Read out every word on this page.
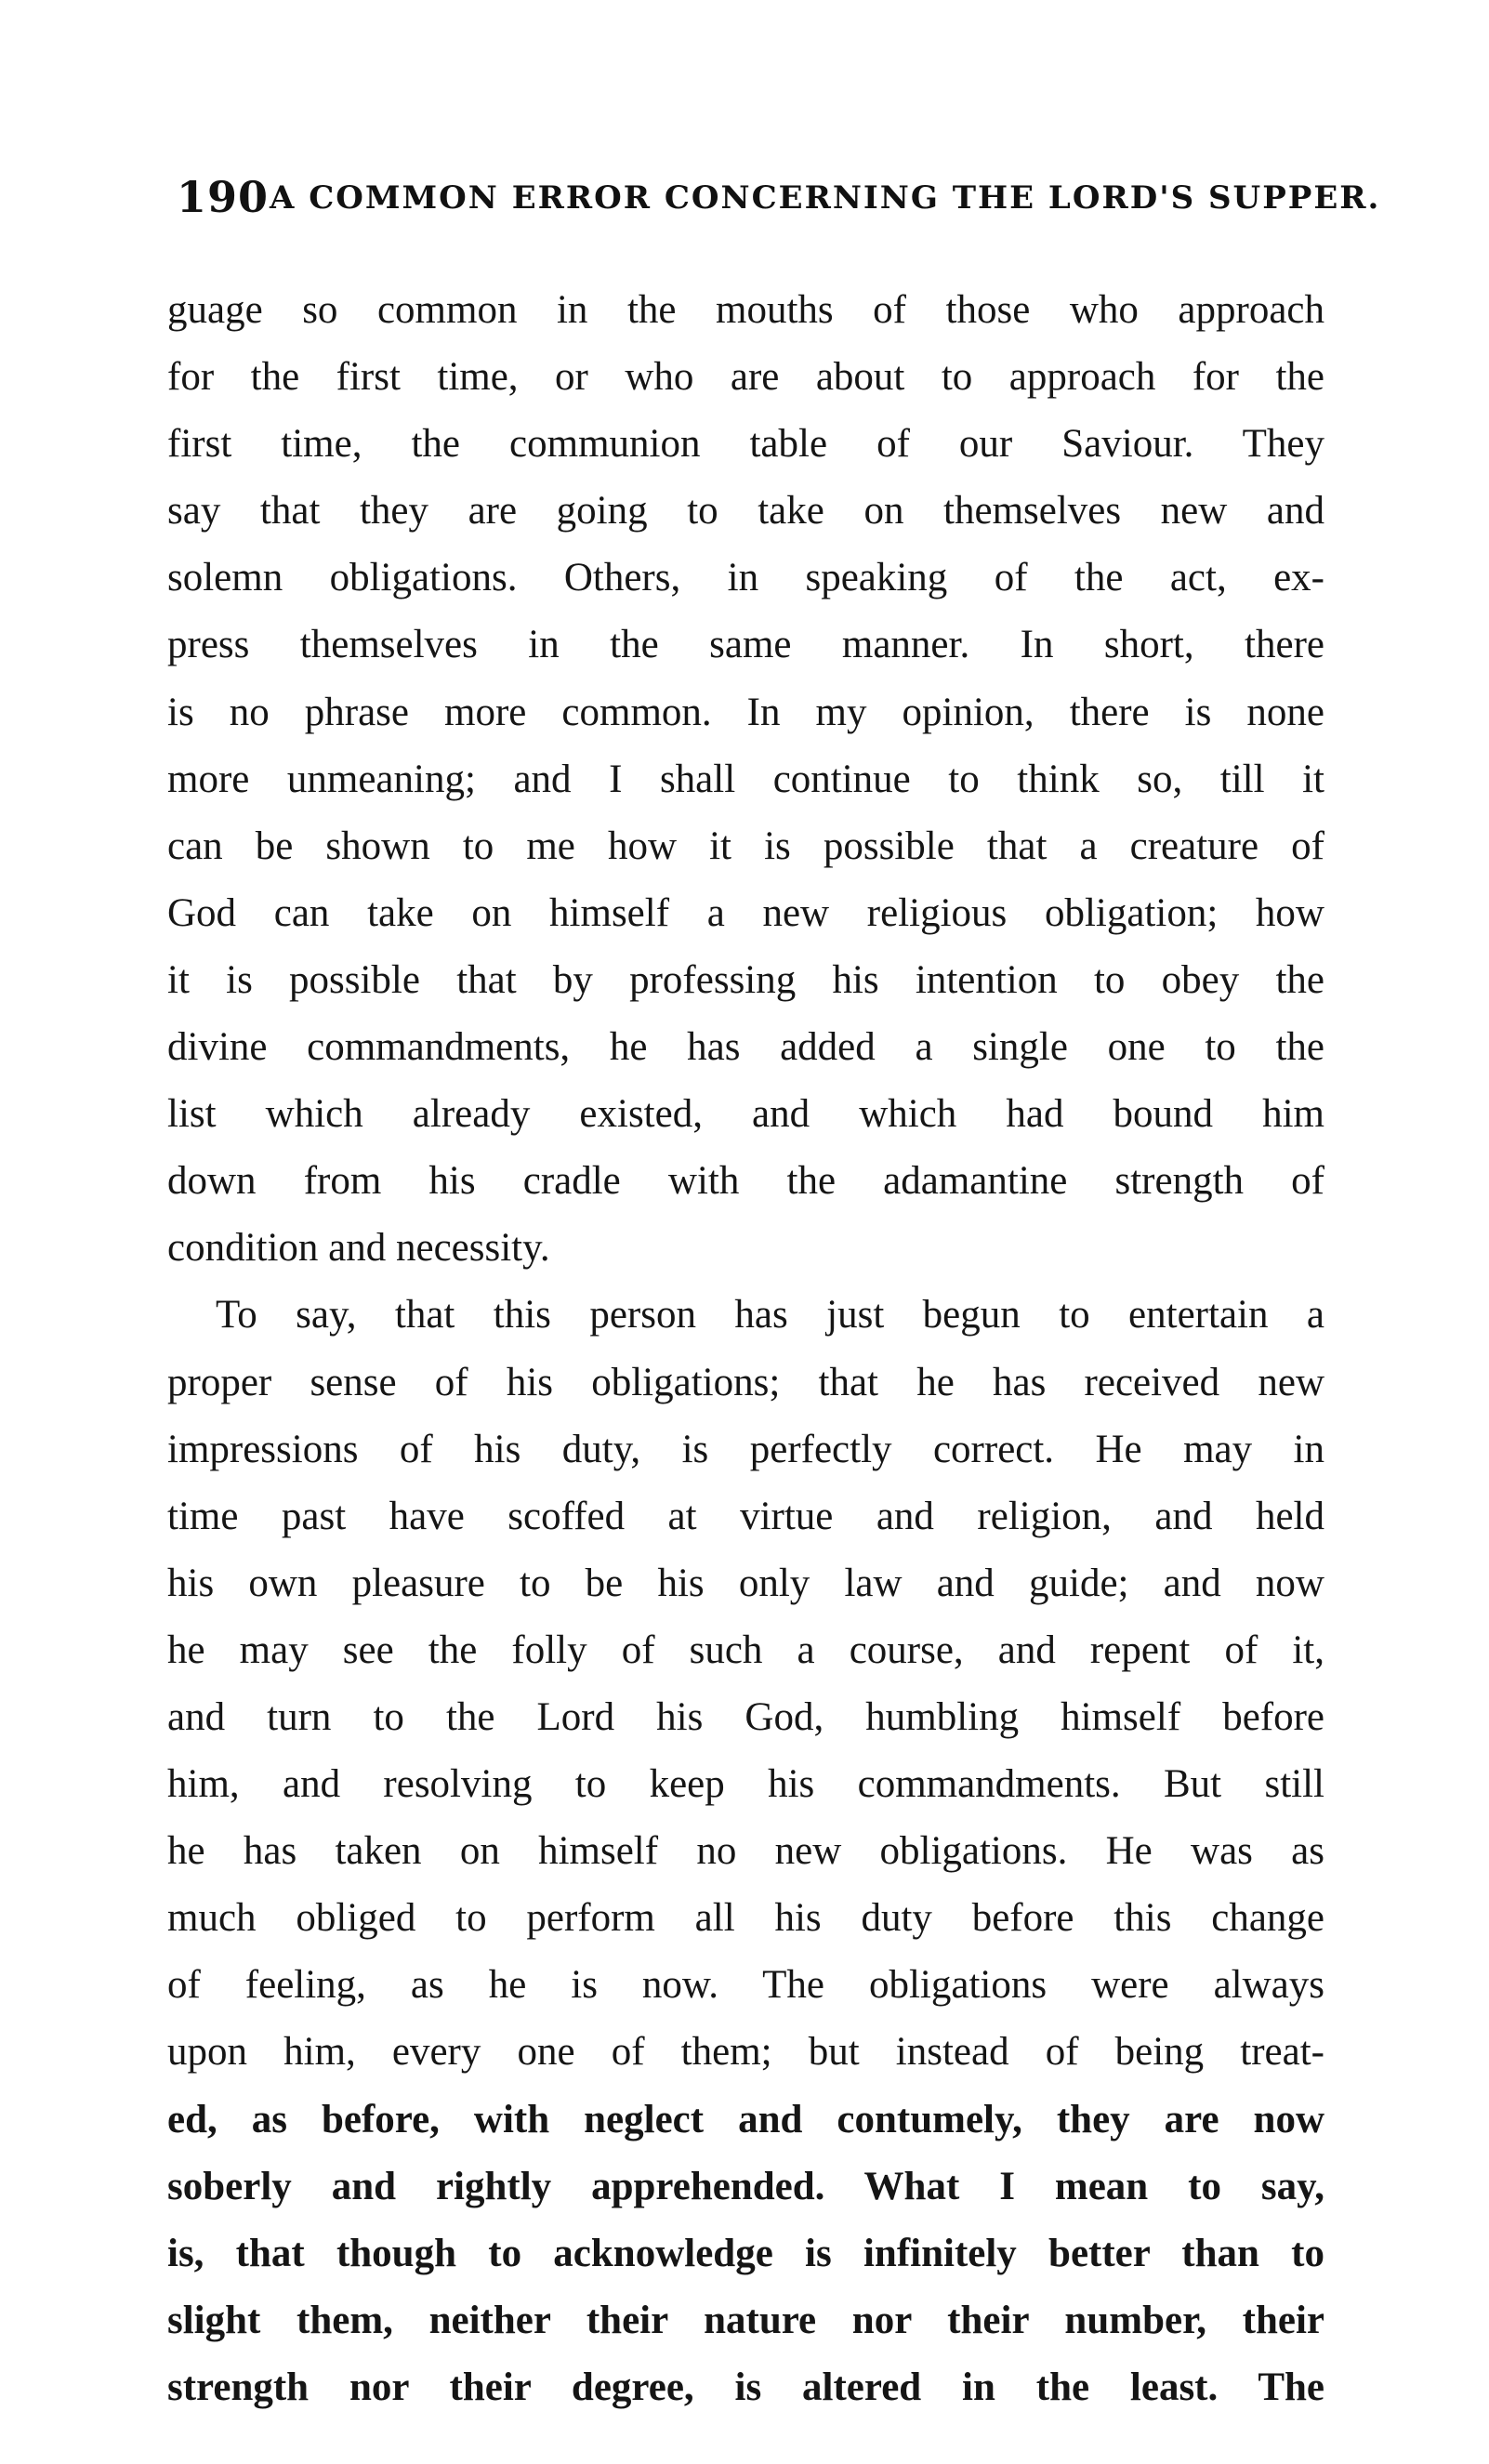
190 A COMMON ERROR CONCERNING THE LORD'S SUPPER.
guage so common in the mouths of those who approach
for the first time, or who are about to approach for the
first time, the communion table of our Saviour. They
say that they are going to take on themselves new and
solemn obligations. Others, in speaking of the act, ex-
press themselves in the same manner. In short, there
is no phrase more common. In my opinion, there is none
more unmeaning; and I shall continue to think so, till it
can be shown to me how it is possible that a creature of
God can take on himself a new religious obligation; how
it is possible that by professing his intention to obey the
divine commandments, he has added a single one to the
list which already existed, and which had bound him
down from his cradle with the adamantine strength of
condition and necessity.
To say, that this person has just begun to entertain a
proper sense of his obligations; that he has received new
impressions of his duty, is perfectly correct. He may in
time past have scoffed at virtue and religion, and held
his own pleasure to be his only law and guide; and now
he may see the folly of such a course, and repent of it,
and turn to the Lord his God, humbling himself before
him, and resolving to keep his commandments. But still
he has taken on himself no new obligations. He was as
much obliged to perform all his duty before this change
of feeling, as he is now. The obligations were always
upon him, every one of them; but instead of being treat-
ed, as before, with neglect and contumely, they are now
soberly and rightly apprehended. What I mean to say,
is, that though to acknowledge is infinitely better than to
slight them, neither their nature nor their number, their
strength nor their degree, is altered in the least. The
